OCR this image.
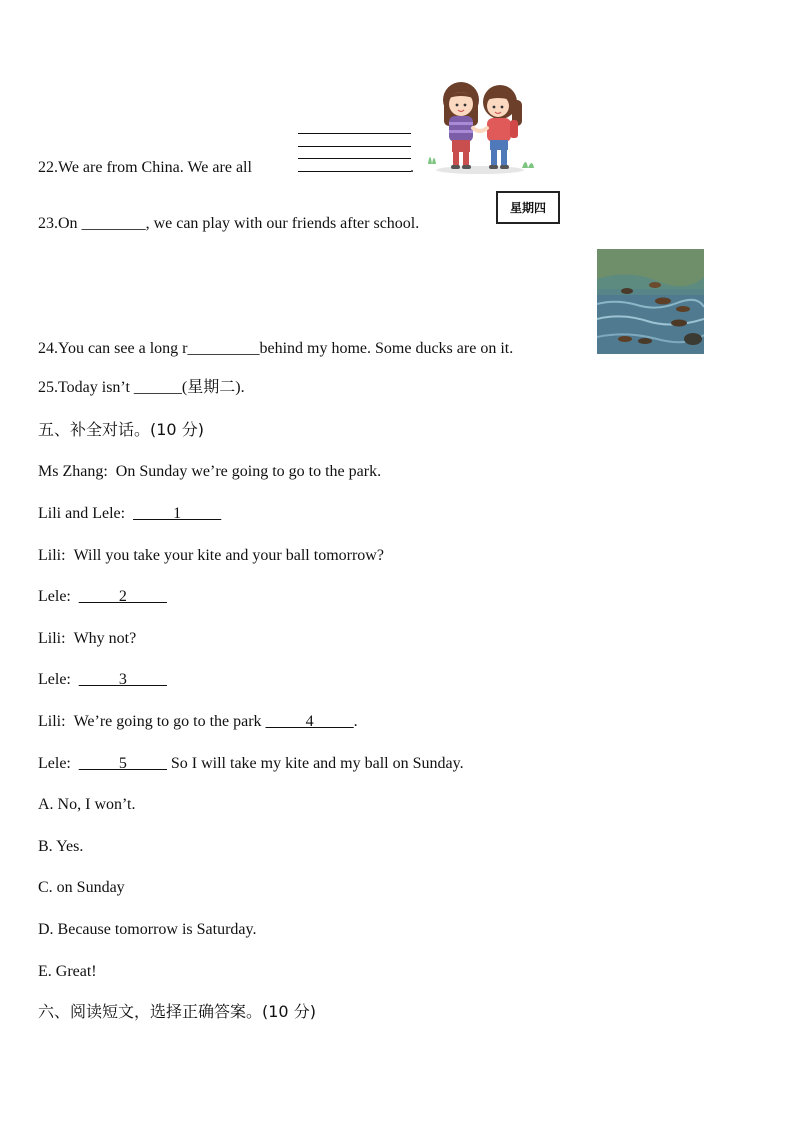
22.We are from China. We are all	.
23.On ________, we can play with our friends after school.
星期四
24.You can see a long r_________behind my home. Some ducks are on it.
25.Today isn’t ______(星期二).
五、补全对话。(10 分)
Ms Zhang: On Sunday we’re going to go to the park.
Lili and Lele: _____1_____
Lili: Will you take your kite and your ball tomorrow?
Lele: _____2_____
Lili: Why not?
Lele: _____3_____
Lili: We’re going to go to the park _____4_____.
Lele: _____5_____ So I will take my kite and my ball on Sunday.
A. No, I won’t.
B. Yes.
C. on Sunday
D. Because tomorrow is Saturday.
E. Great!
六、阅读短文，选择正确答案。(10 分)
